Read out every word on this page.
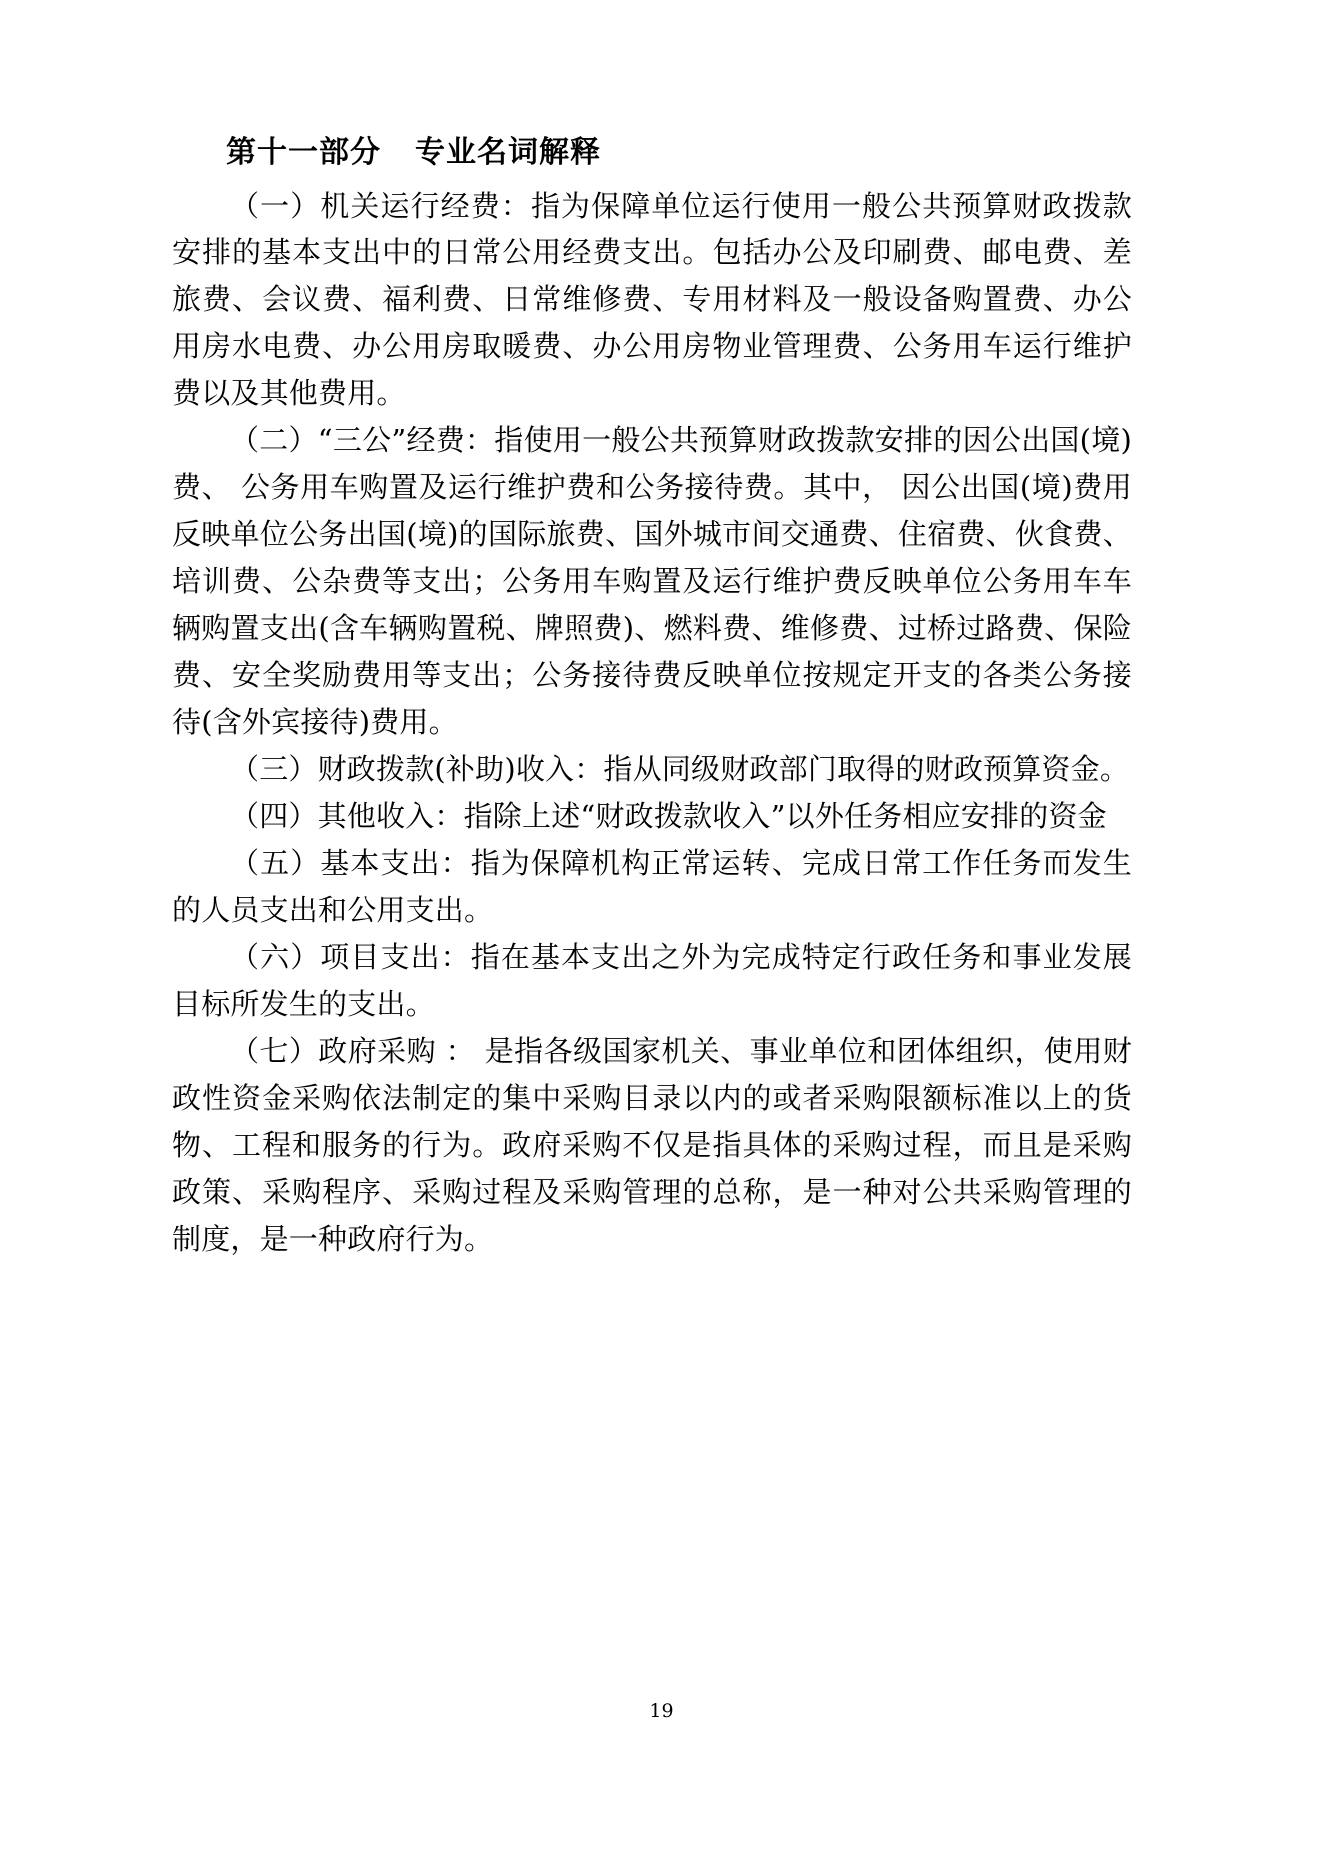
第十一部分 专业名词解释

（一）机关运行经费：指为保障单位运行使用一般公共预算财政拨款安排的基本支出中的日常公用经费支出。包括办公及印刷费、邮电费、差旅费、会议费、福利费、日常维修费、专用材料及一般设备购置费、办公用房水电费、办公用房取暖费、办公用房物业管理费、公务用车运行维护费以及其他费用。

（二）“三公”经费：指使用一般公共预算财政拨款安排的因公出国(境)费、 公务用车购置及运行维护费和公务接待费。其中， 因公出国(境)费用反映单位公务出国(境)的国际旅费、国外城市间交通费、住宿费、伙食费、培训费、公杂费等支出；公务用车购置及运行维护费反映单位公务用车车辆购置支出(含车辆购置税、牌照费)、燃料费、维修费、过桥过路费、保险费、安全奖励费用等支出；公务接待费反映单位按规定开支的各类公务接待(含外宾接待)费用。

（三）财政拨款(补助)收入：指从同级财政部门取得的财政预算资金。

（四）其他收入：指除上述“财政拨款收入”以外任务相应安排的资金

（五）基本支出：指为保障机构正常运转、完成日常工作任务而发生的人员支出和公用支出。

（六）项目支出：指在基本支出之外为完成特定行政任务和事业发展目标所发生的支出。

（七）政府采购 ： 是指各级国家机关、事业单位和团体组织，使用财政性资金采购依法制定的集中采购目录以内的或者采购限额标准以上的货物、工程和服务的行为。政府采购不仅是指具体的采购过程，而且是采购政策、采购程序、采购过程及采购管理的总称，是一种对公共采购管理的制度，是一种政府行为。

19
